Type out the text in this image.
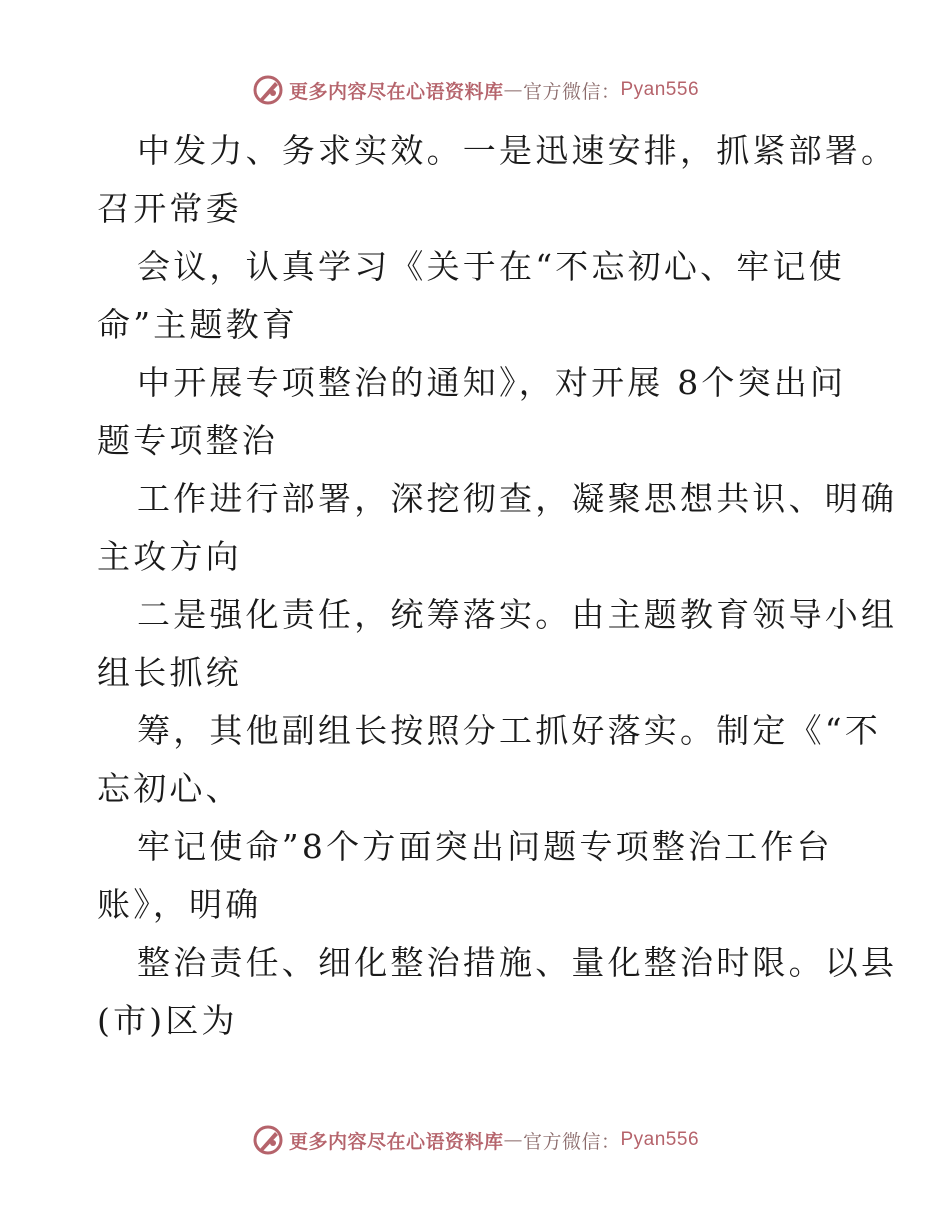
更多内容尽在心语资料库 — 官方微信： Pyan556

中发力、务求实效。一是迅速安排，抓紧部署。
召开常委

会议，认真学习《关于在“不忘初心、牢记使
命”主题教育

中开展专项整治的通知》，对开展 8个突出问
题专项整治

工作进行部署，深挖彻查，凝聚思想共识、明确
主攻方向

二是强化责任，统筹落实。由主题教育领导小组
组长抓统

筹，其他副组长按照分工抓好落实。制定《“不
忘初心、

牢记使命”8个方面突出问题专项整治工作台
账》，明确

整治责任、细化整治措施、量化整治时限。以县
(市)区为

更多内容尽在心语资料库 — 官方微信： Pyan556
